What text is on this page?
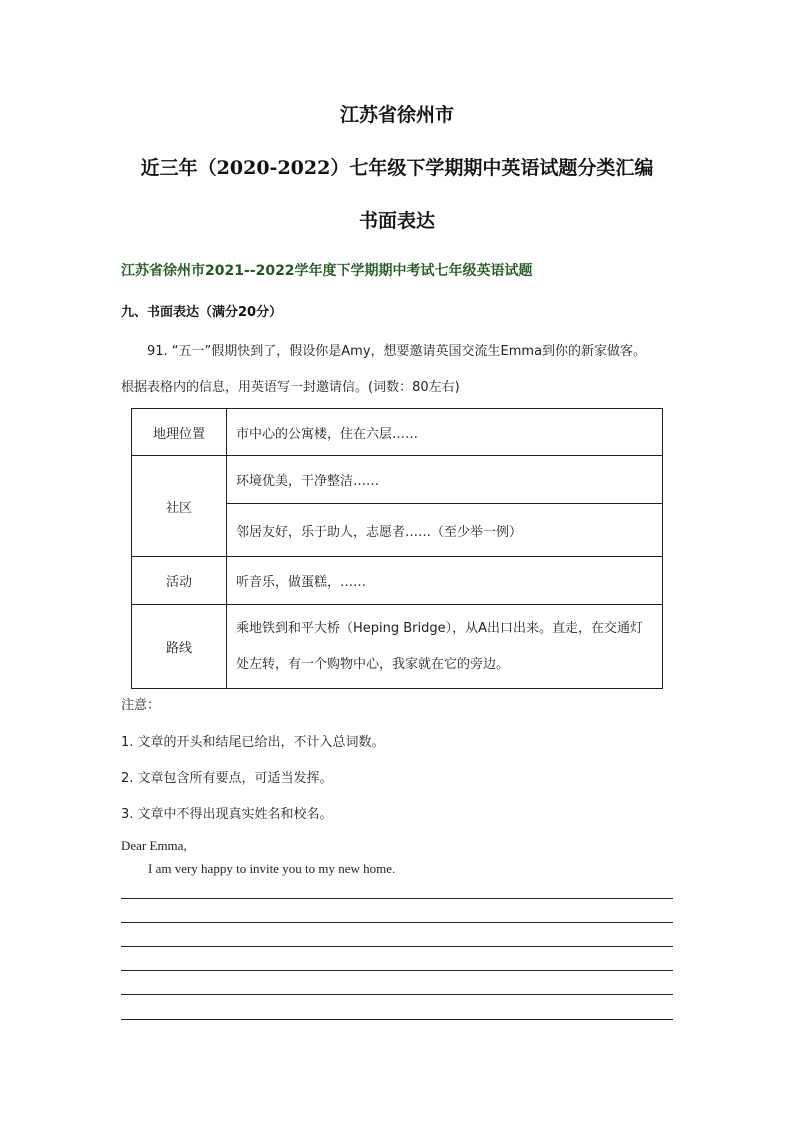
江苏省徐州市
近三年（2020-2022）七年级下学期期中英语试题分类汇编
书面表达
江苏省徐州市2021--2022学年度下学期期中考试七年级英语试题
九、书面表达（满分20分）
91. “五一”假期快到了，假设你是Amy，想要邀请英国交流生Emma到你的新家做客。
根据表格内的信息，用英语写一封邀请信。(词数：80左右)
地理位置	市中心的公寓楼，住在六层……
社区	环境优美，干净整洁……
	邻居友好，乐于助人，志愿者……（至少举一例）
活动	听音乐，做蛋糕，……
路线	乘地铁到和平大桥（Heping Bridge），从A出口出来。直走，在交通灯
处左转，有一个购物中心，我家就在它的旁边。
注意：
1. 文章的开头和结尾已给出，不计入总词数。
2. 文章包含所有要点，可适当发挥。
3. 文章中不得出现真实姓名和校名。
Dear Emma,
I am very happy to invite you to my new home.
